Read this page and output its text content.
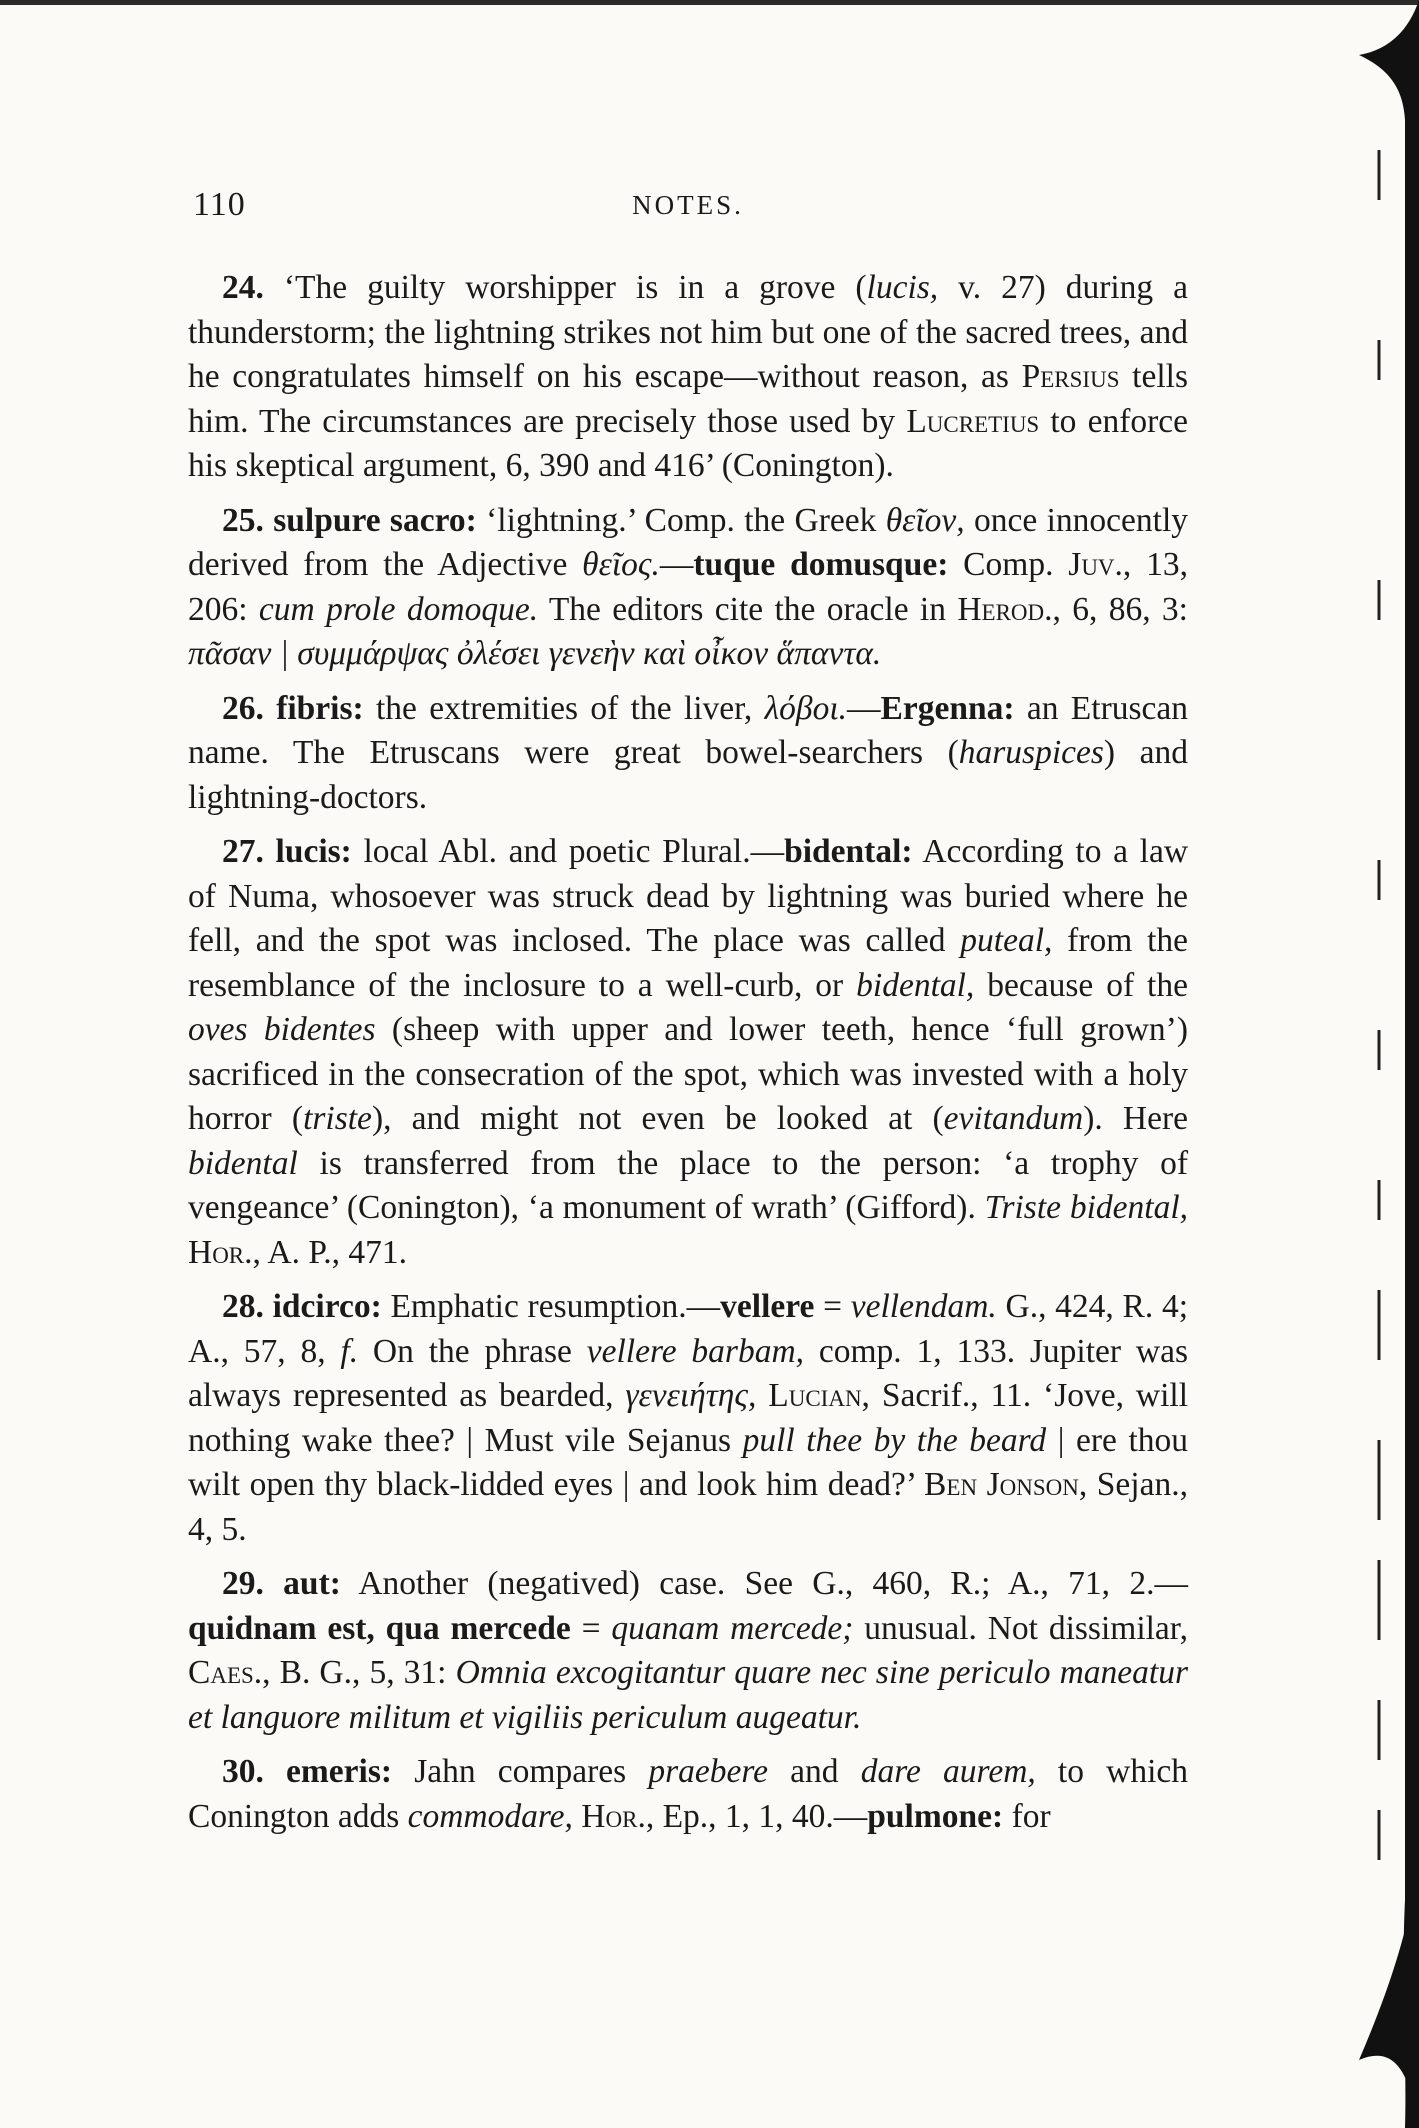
110	NOTES.

24. ‘The guilty worshipper is in a grove (lucis, v. 27) during a thunderstorm; the lightning strikes not him but one of the sacred trees, and he congratulates himself on his escape—without reason, as Persius tells him. The circumstances are precisely those used by Lucretius to enforce his skeptical argument, 6, 390 and 416’ (Conington).

25. sulpure sacro: ‘lightning.’ Comp. the Greek θεῖον, once innocently derived from the Adjective θεῖος.—tuque domusque: Comp. Juv., 13, 206: cum prole domoque. The editors cite the oracle in Herod., 6, 86, 3: πᾶσαν | συμμάρψας ὀλέσει γενεὴν καὶ οἶκον ἅπαντα.

26. fibris: the extremities of the liver, λόβοι.—Ergenna: an Etruscan name. The Etruscans were great bowel-searchers (haruspices) and lightning-doctors.

27. lucis: local Abl. and poetic Plural.—bidental: According to a law of Numa, whosoever was struck dead by lightning was buried where he fell, and the spot was inclosed. The place was called puteal, from the resemblance of the inclosure to a well-curb, or bidental, because of the oves bidentes (sheep with upper and lower teeth, hence ‘full grown’) sacrificed in the consecration of the spot, which was invested with a holy horror (triste), and might not even be looked at (evitandum). Here bidental is transferred from the place to the person: ‘a trophy of vengeance’ (Conington), ‘a monument of wrath’ (Gifford). Triste bidental, Hor., A. P., 471.

28. idcirco: Emphatic resumption.—vellere = vellendam. G., 424, R. 4; A., 57, 8, f. On the phrase vellere barbam, comp. 1, 133. Jupiter was always represented as bearded, γενειήτης, Lucian, Sacrif., 11. ‘Jove, will nothing wake thee? | Must vile Sejanus pull thee by the beard | ere thou wilt open thy black-lidded eyes | and look him dead?’ Ben Jonson, Sejan., 4, 5.

29. aut: Another (negatived) case. See G., 460, R.; A., 71, 2.—quidnam est, qua mercede = quanam mercede; unusual. Not dissimilar, Caes., B. G., 5, 31: Omnia excogitantur quare nec sine periculo maneatur et languore militum et vigiliis periculum augeatur.

30. emeris: Jahn compares praebere and dare aurem, to which Conington adds commodare, Hor., Ep., 1, 1, 40.—pulmone: for
